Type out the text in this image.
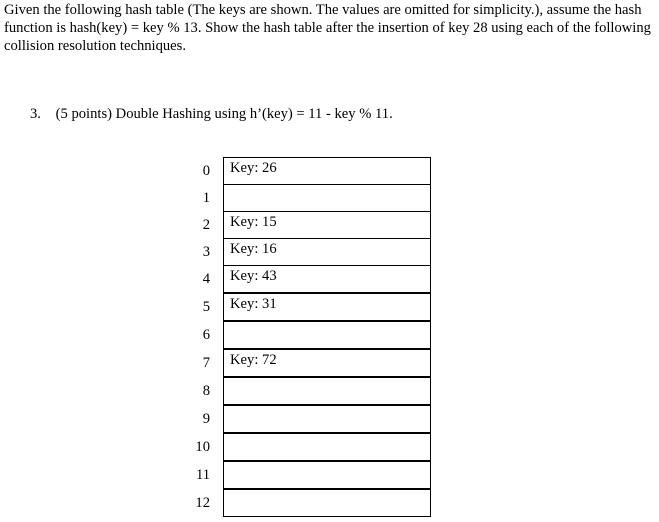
Given the following hash table (The keys are shown. The values are omitted for simplicity.), assume the hash function is hash(key) = key % 13. Show the hash table after the insertion of key 28 using each of the following collision resolution techniques.

3. (5 points) Double Hashing using h’(key) = 11 - key % 11.
0	Key: 26
1
2	Key: 15
3	Key: 16
4	Key: 43
5	Key: 31
6
7	Key: 72
8
9
10
11
12
